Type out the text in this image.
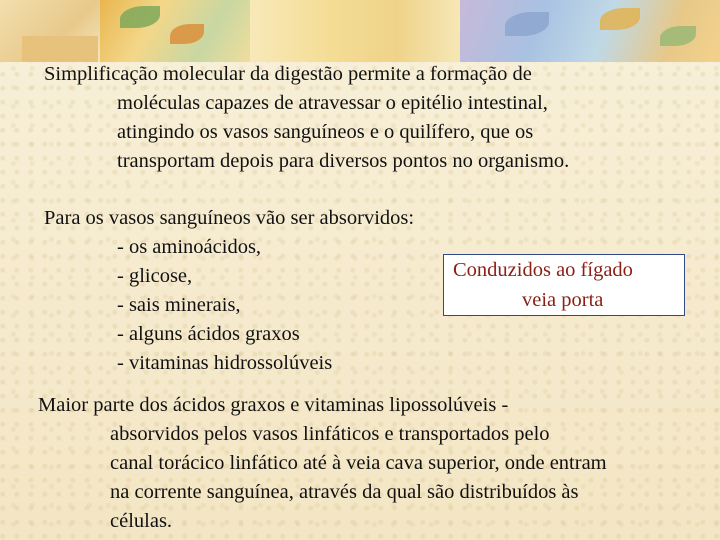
Simplificação molecular da digestão permite a formação de
moléculas capazes de atravessar o epitélio intestinal,
atingindo os vasos sanguíneos e o quilífero, que os
transportam depois para diversos pontos no organismo.
Para os vasos sanguíneos vão ser absorvidos:
- os aminoácidos,
- glicose,
- sais minerais,
- alguns ácidos graxos
- vitaminas hidrossolúveis
Conduzidos ao fígado
veia porta
Maior parte dos ácidos graxos e vitaminas lipossolúveis -
absorvidos pelos vasos linfáticos e transportados pelo
canal torácico linfático até à veia cava superior, onde entram
na corrente sanguínea, através da qual são distribuídos às
células.
